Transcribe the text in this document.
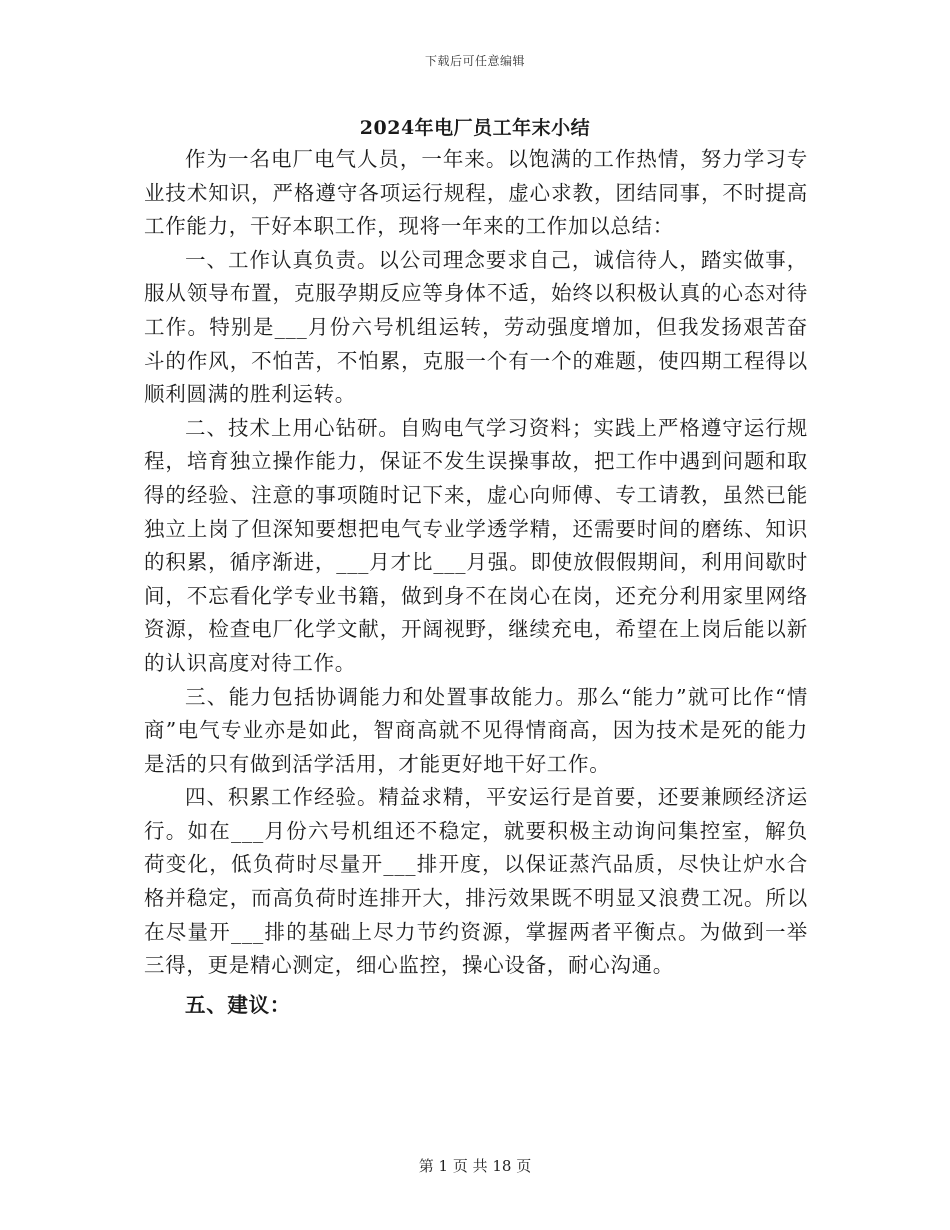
下载后可任意编辑
2024年电厂员工年末小结

作为一名电厂电气人员，一年来。以饱满的工作热情，努力学习专业技术知识，严格遵守各项运行规程，虚心求教，团结同事，不时提高工作能力，干好本职工作，现将一年来的工作加以总结：

一、工作认真负责。以公司理念要求自己，诚信待人，踏实做事，服从领导布置，克服孕期反应等身体不适，始终以积极认真的心态对待工作。特别是___月份六号机组运转，劳动强度增加，但我发扬艰苦奋斗的作风，不怕苦，不怕累，克服一个有一个的难题，使四期工程得以顺利圆满的胜利运转。

二、技术上用心钻研。自购电气学习资料；实践上严格遵守运行规程，培育独立操作能力，保证不发生误操事故，把工作中遇到问题和取得的经验、注意的事项随时记下来，虚心向师傅、专工请教，虽然已能独立上岗了但深知要想把电气专业学透学精，还需要时间的磨练、知识的积累，循序渐进，___月才比___月强。即使放假假期间，利用间歇时间，不忘看化学专业书籍，做到身不在岗心在岗，还充分利用家里网络资源，检查电厂化学文献，开阔视野，继续充电，希望在上岗后能以新的认识高度对待工作。

三、能力包括协调能力和处置事故能力。那么“能力”就可比作“情商”电气专业亦是如此，智商高就不见得情商高，因为技术是死的能力是活的只有做到活学活用，才能更好地干好工作。

四、积累工作经验。精益求精，平安运行是首要，还要兼顾经济运行。如在___月份六号机组还不稳定，就要积极主动询问集控室，解负荷变化，低负荷时尽量开___排开度，以保证蒸汽品质，尽快让炉水合格并稳定，而高负荷时连排开大，排污效果既不明显又浪费工况。所以在尽量开___排的基础上尽力节约资源，掌握两者平衡点。为做到一举三得，更是精心测定，细心监控，操心设备，耐心沟通。

五、建议：

第 1 页 共 18 页
